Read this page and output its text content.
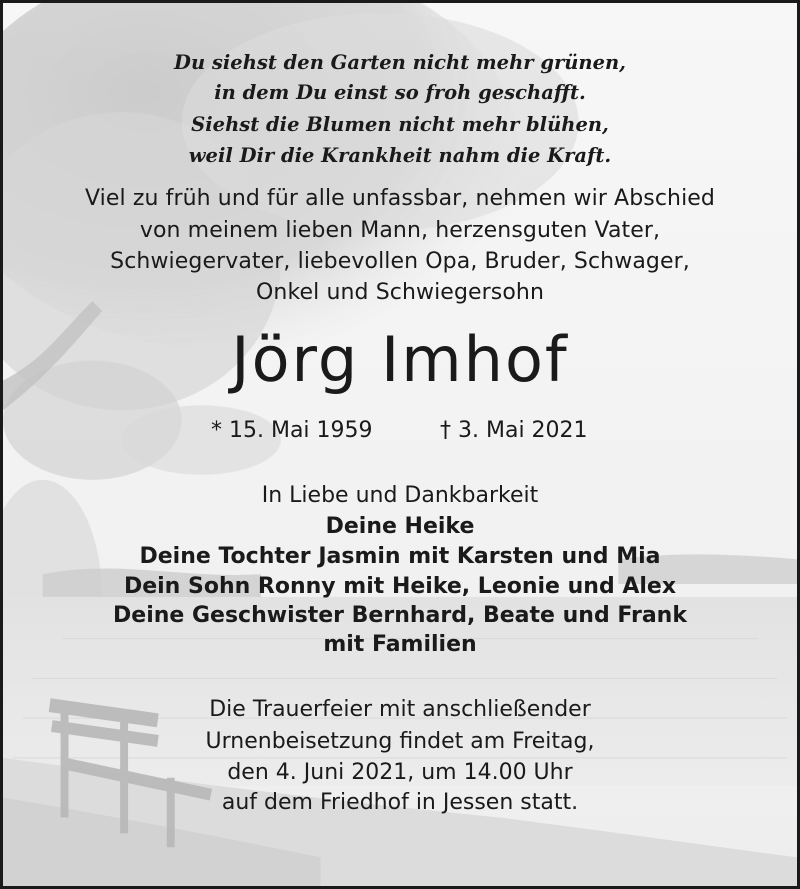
Du siehst den Garten nicht mehr grünen,
in dem Du einst so froh geschafft.
Siehst die Blumen nicht mehr blühen,
weil Dir die Krankheit nahm die Kraft.
Viel zu früh und für alle unfassbar, nehmen wir Abschied
von meinem lieben Mann, herzensguten Vater,
Schwiegervater, liebevollen Opa, Bruder, Schwager,
Onkel und Schwiegersohn
Jörg Imhof
* 15. Mai 1959	† 3. Mai 2021
In Liebe und Dankbarkeit
Deine Heike
Deine Tochter Jasmin mit Karsten und Mia
Dein Sohn Ronny mit Heike, Leonie und Alex
Deine Geschwister Bernhard, Beate und Frank
mit Familien
Die Trauerfeier mit anschließender
Urnenbeisetzung findet am Freitag,
den 4. Juni 2021, um 14.00 Uhr
auf dem Friedhof in Jessen statt.
